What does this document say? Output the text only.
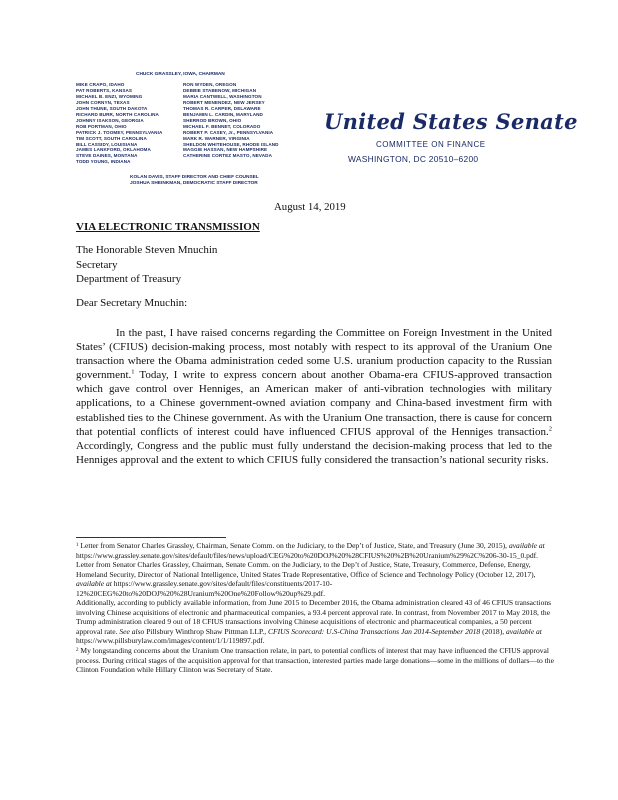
CHUCK GRASSLEY, IOWA, CHAIRMAN
MIKE CRAPO, IDAHO
PAT ROBERTS, KANSAS
MICHAEL B. ENZI, WYOMING
JOHN CORNYN, TEXAS
JOHN THUNE, SOUTH DAKOTA
RICHARD BURR, NORTH CAROLINA
JOHNNY ISAKSON, GEORGIA
ROB PORTMAN, OHIO
PATRICK J. TOOMEY, PENNSYLVANIA
TIM SCOTT, SOUTH CAROLINA
BILL CASSIDY, LOUISIANA
JAMES LANKFORD, OKLAHOMA
STEVE DAINES, MONTANA
TODD YOUNG, INDIANA
RON WYDEN, OREGON
DEBBIE STABENOW, MICHIGAN
MARIA CANTWELL, WASHINGTON
ROBERT MENENDEZ, NEW JERSEY
THOMAS R. CARPER, DELAWARE
BENJAMIN L. CARDIN, MARYLAND
SHERROD BROWN, OHIO
MICHAEL F. BENNET, COLORADO
ROBERT P. CASEY, Jr., PENNSYLVANIA
MARK R. WARNER, VIRGINIA
SHELDON WHITEHOUSE, RHODE ISLAND
MAGGIE HASSAN, NEW HAMPSHIRE
CATHERINE CORTEZ MASTO, NEVADA
KOLAN DAVIS, STAFF DIRECTOR AND CHIEF COUNSEL
JOSHUA SHEINKMAN, DEMOCRATIC STAFF DIRECTOR
United States Senate
COMMITTEE ON FINANCE
WASHINGTON, DC 20510–6200
August 14, 2019
VIA ELECTRONIC TRANSMISSION
The Honorable Steven Mnuchin
Secretary
Department of Treasury
Dear Secretary Mnuchin:

In the past, I have raised concerns regarding the Committee on Foreign Investment in the United States’ (CFIUS) decision-making process, most notably with respect to its approval of the Uranium One transaction where the Obama administration ceded some U.S. uranium production capacity to the Russian government.$^1$ Today, I write to express concern about another Obama-era CFIUS-approved transaction which gave control over Henniges, an American maker of anti-vibration technologies with military applications, to a Chinese government-owned aviation company and China-based investment firm with established ties to the Chinese government. As with the Uranium One transaction, there is cause for concern that potential conflicts of interest could have influenced CFIUS approval of the Henniges transaction.$^2$ Accordingly, Congress and the public must fully understand the decision-making process that led to the Henniges approval and the extent to which CFIUS fully considered the transaction’s national security risks.

$^1$ Letter from Senator Charles Grassley, Chairman, Senate Comm. on the Judiciary, to the Dep’t of Justice, State, and Treasury (June 30, 2015), available at https://www.grassley.senate.gov/sites/default/files/news/upload/CEG%20to%20DOJ%20%28CFIUS%20%2B%20Uranium%29%2C%206-30-15_0.pdf. Letter from Senator Charles Grassley, Chairman, Senate Comm. on the Judiciary, to the Dep’t of Justice, State, Treasury, Commerce, Defense, Energy, Homeland Security, Director of National Intelligence, United States Trade Representative, Office of Science and Technology Policy (October 12, 2017), available at https://www.grassley.senate.gov/sites/default/files/constituents/2017-10-12%20CEG%20to%20DOJ%20%28Uranium%20One%20Follow%20up%29.pdf.

Additionally, according to publicly available information, from June 2015 to December 2016, the Obama administration cleared 43 of 46 CFIUS transactions involving Chinese acquisitions of electronic and pharmaceutical companies, a 93.4 percent approval rate. In contrast, from November 2017 to May 2018, the Trump administration cleared 9 out of 18 CFIUS transactions involving Chinese acquisitions of electronic and pharmaceutical companies, a 50 percent approval rate. See also Pillsbury Winthrop Shaw Pittman LLP., CFIUS Scorecard: U.S-China Transactions Jan 2014-September 2018 (2018), available at https://www.pillsburylaw.com/images/content/1/1/119897.pdf.

$^2$ My longstanding concerns about the Uranium One transaction relate, in part, to potential conflicts of interest that may have influenced the CFIUS approval process. During critical stages of the acquisition approval for that transaction, interested parties made large donations—some in the millions of dollars—to the Clinton Foundation while Hillary Clinton was Secretary of State.
